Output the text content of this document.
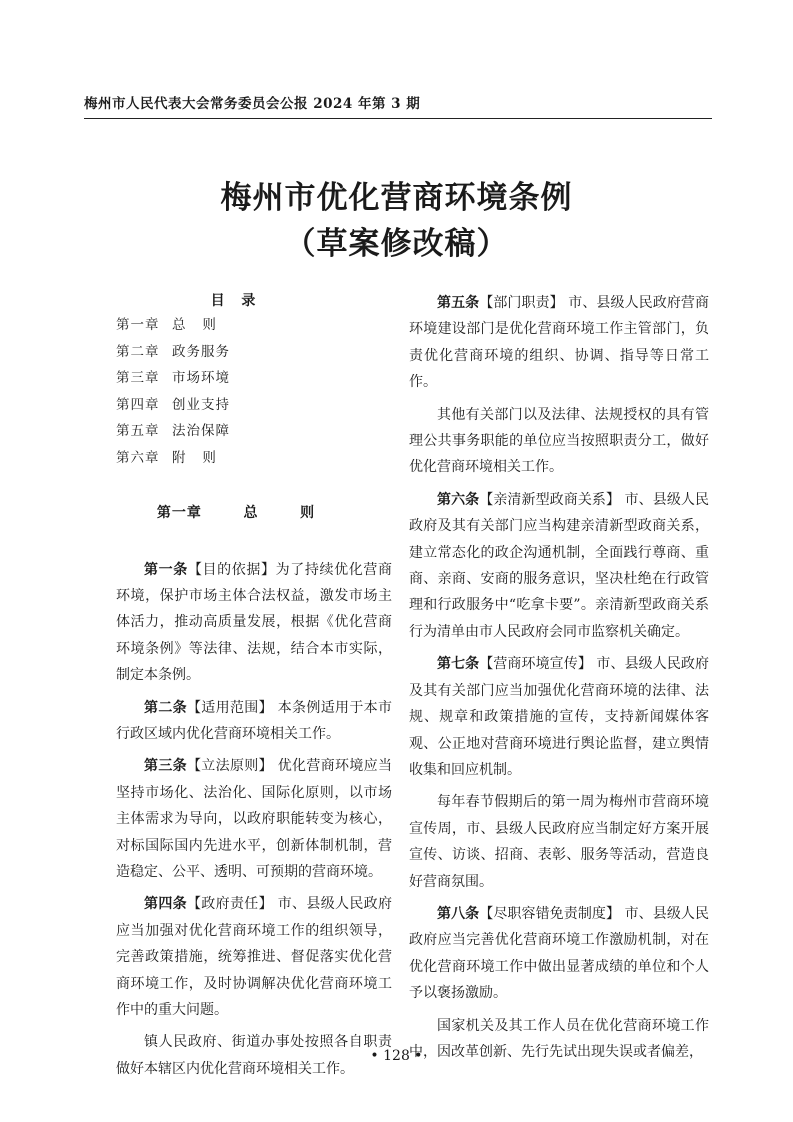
梅州市人民代表大会常务委员会公报 2024 年第 3 期
梅州市优化营商环境条例
（草案修改稿）
目 录
第一章 总   则
第二章 政务服务
第三章 市场环境
第四章 创业支持
第五章 法治保障
第六章 附   则
第一章   总   则

第一条【目的依据】为了持续优化营商环境，保护市场主体合法权益，激发市场主体活力，推动高质量发展，根据《优化营商环境条例》等法律、法规，结合本市实际，制定本条例。

第二条【适用范围】 本条例适用于本市行政区域内优化营商环境相关工作。

第三条【立法原则】 优化营商环境应当坚持市场化、法治化、国际化原则，以市场主体需求为导向，以政府职能转变为核心，对标国际国内先进水平，创新体制机制，营造稳定、公平、透明、可预期的营商环境。

第四条【政府责任】 市、县级人民政府应当加强对优化营商环境工作的组织领导，完善政策措施，统筹推进、督促落实优化营商环境工作，及时协调解决优化营商环境工作中的重大问题。

镇人民政府、街道办事处按照各自职责做好本辖区内优化营商环境相关工作。

第五条【部门职责】 市、县级人民政府营商环境建设部门是优化营商环境工作主管部门，负责优化营商环境的组织、协调、指导等日常工作。

其他有关部门以及法律、法规授权的具有管理公共事务职能的单位应当按照职责分工，做好优化营商环境相关工作。

第六条【亲清新型政商关系】 市、县级人民政府及其有关部门应当构建亲清新型政商关系，建立常态化的政企沟通机制，全面践行尊商、重商、亲商、安商的服务意识，坚决杜绝在行政管理和行政服务中“吃拿卡要”。亲清新型政商关系行为清单由市人民政府会同市监察机关确定。

第七条【营商环境宣传】 市、县级人民政府及其有关部门应当加强优化营商环境的法律、法规、规章和政策措施的宣传，支持新闻媒体客观、公正地对营商环境进行舆论监督，建立舆情收集和回应机制。

每年春节假期后的第一周为梅州市营商环境宣传周，市、县级人民政府应当制定好方案开展宣传、访谈、招商、表彰、服务等活动，营造良好营商氛围。

第八条【尽职容错免责制度】 市、县级人民政府应当完善优化营商环境工作激励机制，对在优化营商环境工作中做出显著成绩的单位和个人予以褒扬激励。

国家机关及其工作人员在优化营商环境工作中，因改革创新、先行先试出现失误或者偏差，

• 128 •
